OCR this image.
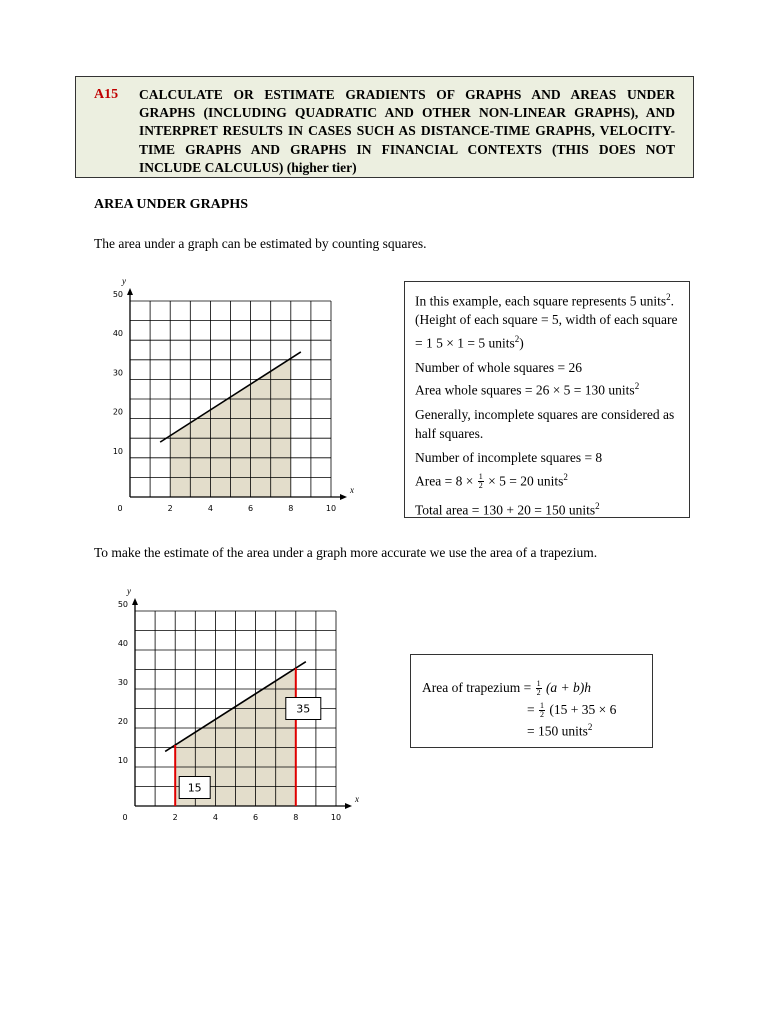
A15 CALCULATE OR ESTIMATE GRADIENTS OF GRAPHS AND AREAS UNDER GRAPHS (INCLUDING QUADRATIC AND OTHER NON-LINEAR GRAPHS), AND INTERPRET RESULTS IN CASES SUCH AS DISTANCE-TIME GRAPHS, VELOCITY-TIME GRAPHS AND GRAPHS IN FINANCIAL CONTEXTS (THIS DOES NOT INCLUDE CALCULUS) (higher tier)
AREA UNDER GRAPHS
The area under a graph can be estimated by counting squares.
0	2	4	6	8	10
10
20
30
40
50
x
y

In this example, each square represents 5 units$^2$. (Height of each square = 5, width of each square = 1 5 × 1 = 5 units$^2$)

Number of whole squares = 26
Area whole squares = 26 × 5 = 130 units$^2$

Generally, incomplete squares are considered as half squares.

Number of incomplete squares = 8
Area = $8 \times \frac{1}{2} \times 5 = 20$ units$^2$

Total area = 130 + 20 = 150 units$^2$

To make the estimate of the area under a graph more accurate we use the area of a trapezium.
0	2	4	6	8	10
10
20
30
40
50
x
y
15
35
Area of trapezium = $\frac{1}{2} (a + b)h$
= $\frac{1}{2} (15 + 35 \times 6$
= 150 units$^2$
